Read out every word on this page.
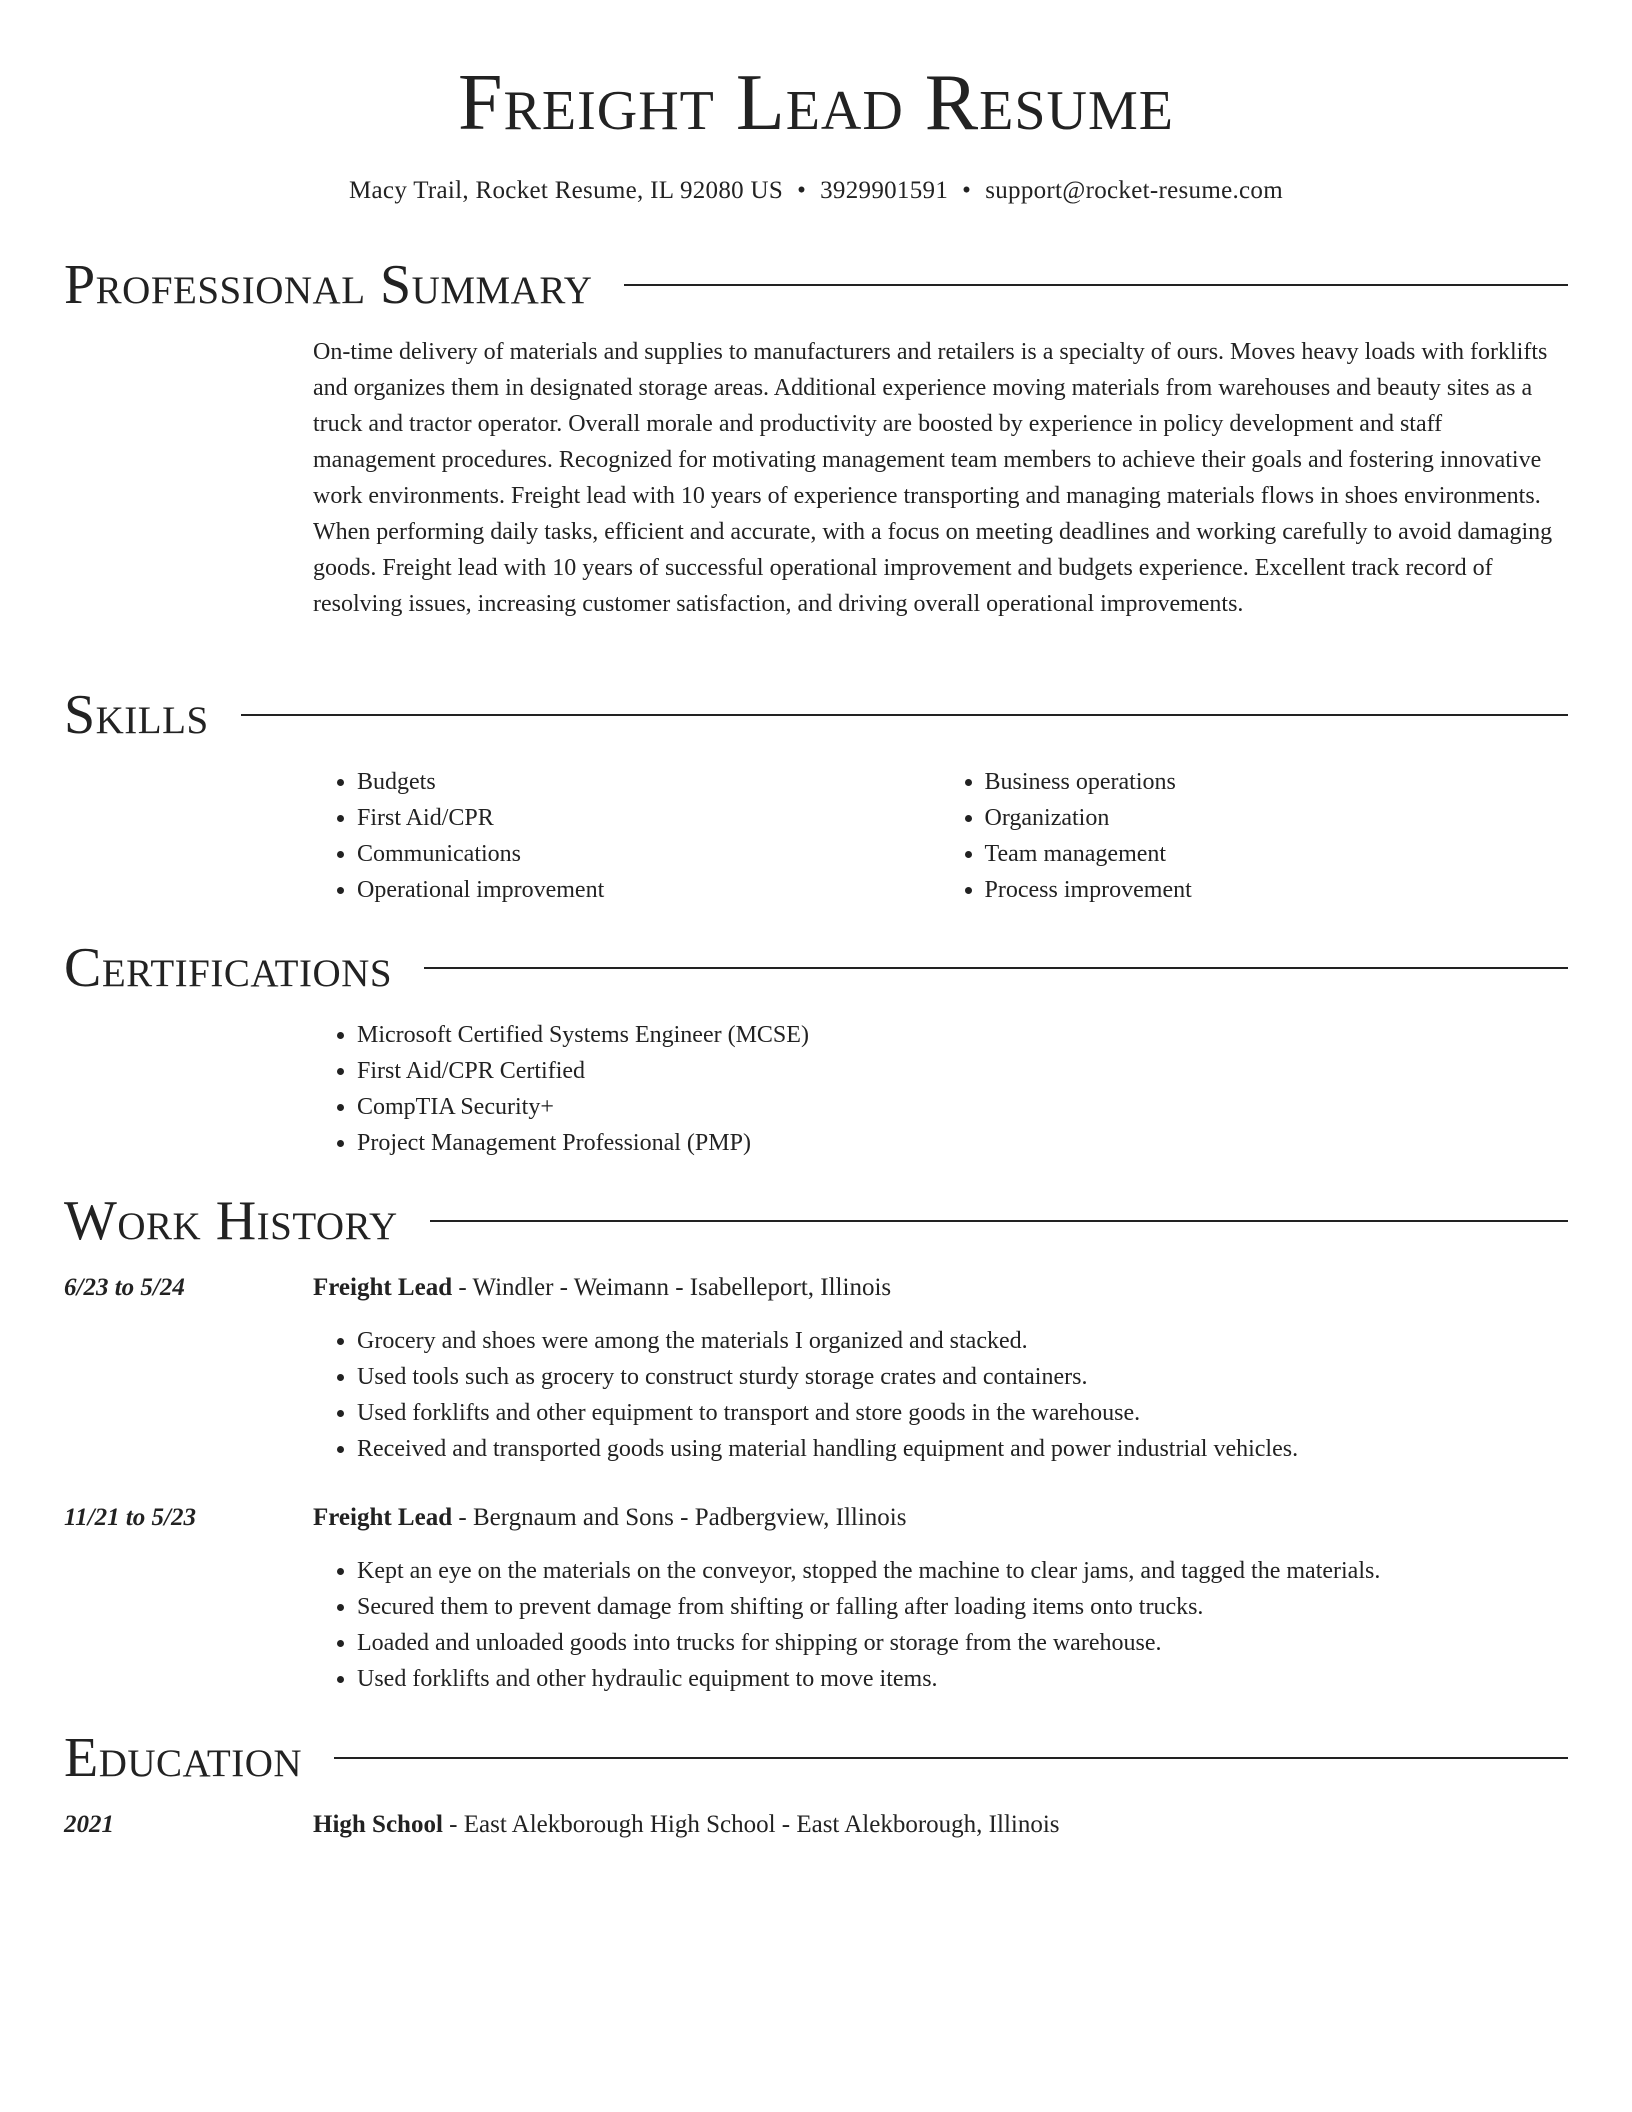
Freight Lead Resume
Macy Trail, Rocket Resume, IL 92080 US • 3929901591 • support@rocket-resume.com
Professional Summary

On-time delivery of materials and supplies to manufacturers and retailers is a specialty of ours. Moves heavy loads with forklifts and organizes them in designated storage areas. Additional experience moving materials from warehouses and beauty sites as a truck and tractor operator. Overall morale and productivity are boosted by experience in policy development and staff management procedures. Recognized for motivating management team members to achieve their goals and fostering innovative work environments. Freight lead with 10 years of experience transporting and managing materials flows in shoes environments. When performing daily tasks, efficient and accurate, with a focus on meeting deadlines and working carefully to avoid damaging goods. Freight lead with 10 years of successful operational improvement and budgets experience. Excellent track record of resolving issues, increasing customer satisfaction, and driving overall operational improvements.

Skills
• Budgets
• First Aid/CPR
• Communications
• Operational improvement
• Business operations
• Organization
• Team management
• Process improvement
Certifications
• Microsoft Certified Systems Engineer (MCSE)
• First Aid/CPR Certified
• CompTIA Security+
• Project Management Professional (PMP)
Work History
6/23 to 5/24	Freight Lead - Windler - Weimann - Isabelleport, Illinois
• Grocery and shoes were among the materials I organized and stacked.
• Used tools such as grocery to construct sturdy storage crates and containers.
• Used forklifts and other equipment to transport and store goods in the warehouse.
• Received and transported goods using material handling equipment and power industrial vehicles.
11/21 to 5/23	Freight Lead - Bergnaum and Sons - Padbergview, Illinois
• Kept an eye on the materials on the conveyor, stopped the machine to clear jams, and tagged the materials.
• Secured them to prevent damage from shifting or falling after loading items onto trucks.
• Loaded and unloaded goods into trucks for shipping or storage from the warehouse.
• Used forklifts and other hydraulic equipment to move items.
Education
2021	High School - East Alekborough High School - East Alekborough, Illinois
